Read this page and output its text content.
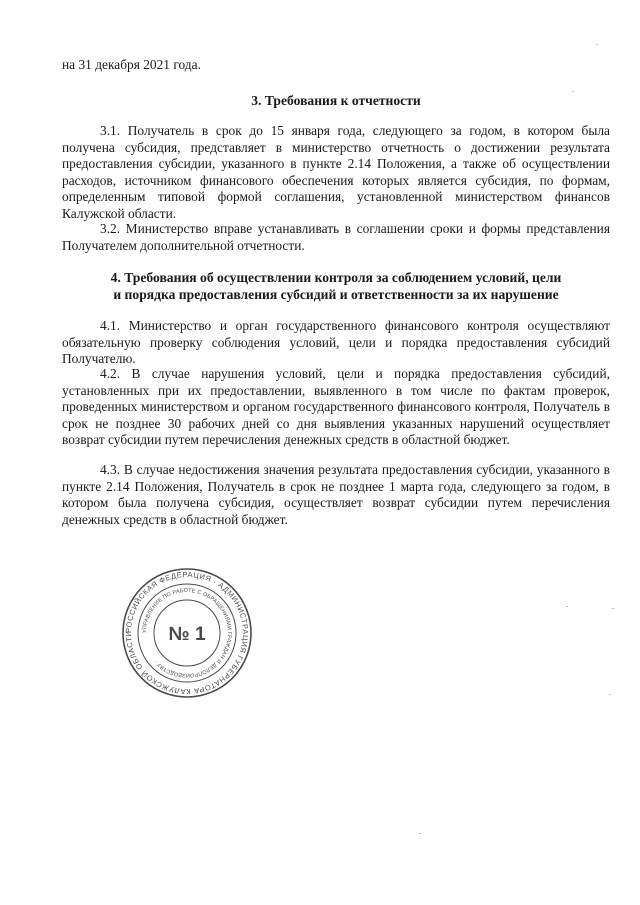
на 31 декабря 2021 года.
3. Требования к отчетности

3.1. Получатель в срок до 15 января года, следующего за годом, в котором была получена субсидия, представляет в министерство отчетность о достижении результата предоставления субсидии, указанного в пункте 2.14 Положения, а также об осуществлении расходов, источником финансового обеспечения которых является субсидия, по формам, определенным типовой формой соглашения, установленной министерством финансов Калужской области.

3.2. Министерство вправе устанавливать в соглашении сроки и формы представления Получателем дополнительной отчетности.

4. Требования об осуществлении контроля за соблюдением условий, цели
и порядка предоставления субсидий и ответственности за их нарушение

4.1. Министерство и орган государственного финансового контроля осуществляют обязательную проверку соблюдения условий, цели и порядка предоставления субсидий Получателю.

4.2. В случае нарушения условий, цели и порядка предоставления субсидий, установленных при их предоставлении, выявленного в том числе по фактам проверок, проведенных министерством и органом государственного финансового контроля, Получатель в срок не позднее 30 рабочих дней со дня выявления указанных нарушений осуществляет возврат субсидии путем перечисления денежных средств в областной бюджет.

4.3. В случае недостижения значения результата предоставления субсидии, указанного в пункте 2.14 Положения, Получатель в срок не позднее 1 марта года, следующего за годом, в котором была получена субсидия, осуществляет возврат субсидии путем перечисления денежных средств в областной бюджет.

РОССИЙСКАЯ ФЕДЕРАЦИЯ · АДМИНИСТРАЦИЯ ГУБЕРНАТОРА КАЛУЖСКОЙ ОБЛАСТИ	УПРАВЛЕНИЕ ПО РАБОТЕ С ОБРАЩЕНИЯМИ ГРАЖДАН И ДЕЛОПРОИЗВОДСТВУ ·
№ 1
